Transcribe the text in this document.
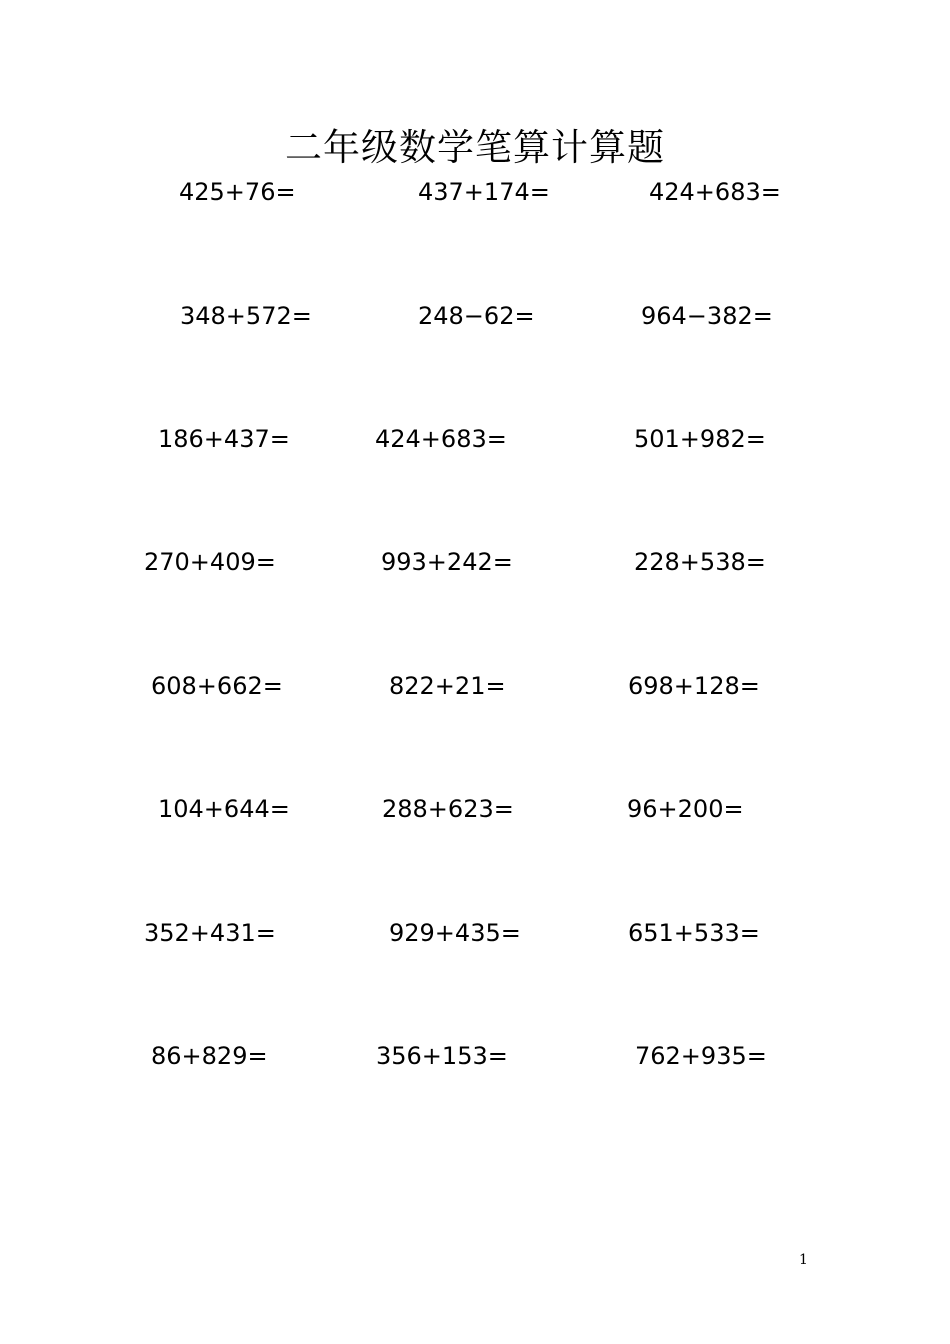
二年级数学笔算计算题
425+76=	437+174=	424+683=
348+572=	248−62=	964−382=
186+437=	424+683=	501+982=
270+409=	993+242=	228+538=
608+662=	822+21=	698+128=
104+644=	288+623=	96+200=
352+431=	929+435=	651+533=
86+829=	356+153=	762+935=
1
